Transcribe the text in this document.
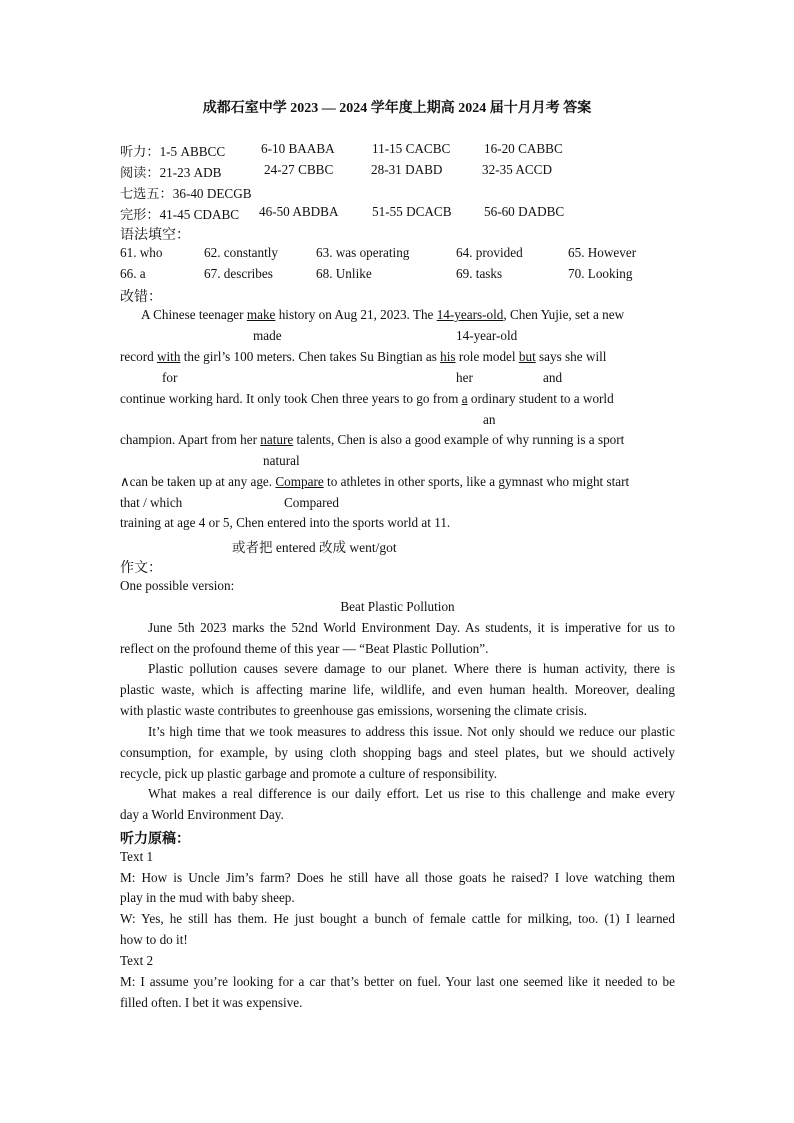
成都石室中学 2023 — 2024 学年度上期高 2024 届十月月考 答案
听力：1-5 ABBCC	6-10 BAABA	11-15 CACBC	16-20 CABBC
阅读：21-23 ADB	24-27 CBBC	28-31 DABD	32-35 ACCD
七选五：36-40 DECGB
完形：41-45 CDABC 46-50 ABDBA	51-55 DCACB 56-60 DADBC
语法填空：
61. who	62. constantly	63. was operating	64. provided	65. However
66. a	67. describes	68. Unlike	69. tasks	70. Looking
改错：
A Chinese teenager make history on Aug 21, 2023. The 14-years-old, Chen Yujie, set a new
made	14-year-old
record with the girl’s 100 meters. Chen takes Su Bingtian as his role model but says she will
for	her	and
continue working hard. It only took Chen three years to go from a ordinary student to a world
an
champion. Apart from her nature talents, Chen is also a good example of why running is a sport
natural
∧can be taken up at any age. Compare to athletes in other sports, like a gymnast who might start
that / which	Compared
training at age 4 or 5, Chen entered into the sports world at 11.
或者把 entered 改成 went/got
作文：
One possible version:
Beat Plastic Pollution
June 5th 2023 marks the 52nd World Environment Day. As students, it is imperative for us to
reflect on the profound theme of this year — “Beat Plastic Pollution”.
Plastic pollution causes severe damage to our planet. Where there is human activity, there is
plastic waste, which is affecting marine life, wildlife, and even human health. Moreover, dealing
with plastic waste contributes to greenhouse gas emissions, worsening the climate crisis.
It’s high time that we took measures to address this issue. Not only should we reduce our plastic
consumption, for example, by using cloth shopping bags and steel plates, but we should actively
recycle, pick up plastic garbage and promote a culture of responsibility.
What makes a real difference is our daily effort. Let us rise to this challenge and make every
day a World Environment Day.
听力原稿：
Text 1
M: How is Uncle Jim’s farm? Does he still have all those goats he raised? I love watching them
play in the mud with baby sheep.
W: Yes, he still has them. He just bought a bunch of female cattle for milking, too. (1) I learned
how to do it!
Text 2
M: I assume you’re looking for a car that’s better on fuel. Your last one seemed like it needed to be
filled often. I bet it was expensive.
